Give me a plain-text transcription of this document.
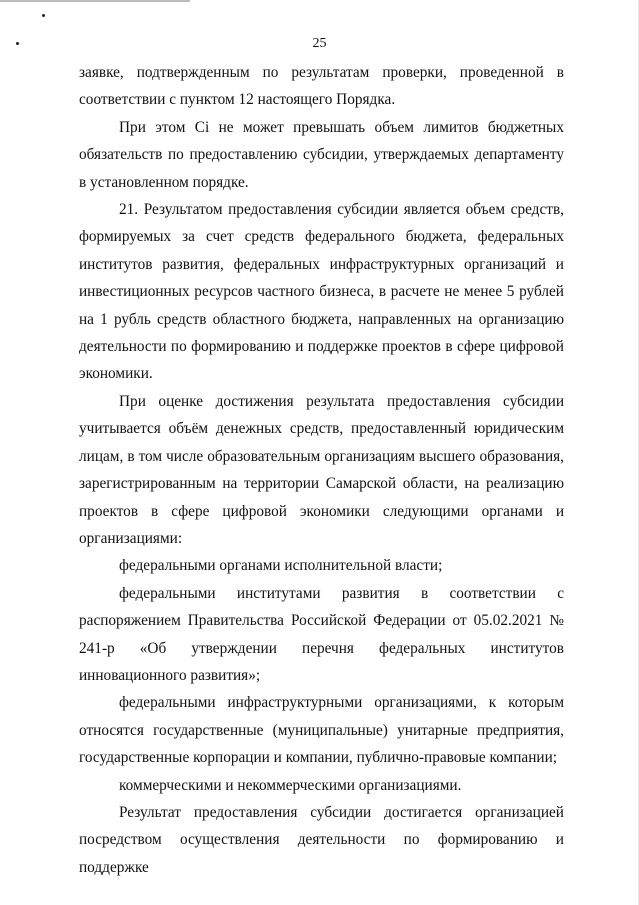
25

заявке, подтвержденным по результатам проверки, проведенной в соответствии с пунктом 12 настоящего Порядка.

При этом Ci не может превышать объем лимитов бюджетных обязательств по предоставлению субсидии, утверждаемых департаменту в установленном порядке.

21. Результатом предоставления субсидии является объем средств, формируемых за счет средств федерального бюджета, федеральных институтов развития, федеральных инфраструктурных организаций и инвестиционных ресурсов частного бизнеса, в расчете не менее 5 рублей на 1 рубль средств областного бюджета, направленных на организацию деятельности по формированию и поддержке проектов в сфере цифровой экономики.

При оценке достижения результата предоставления субсидии учитывается объём денежных средств, предоставленный юридическим лицам, в том числе образовательным организациям высшего образования, зарегистрированным на территории Самарской области, на реализацию проектов в сфере цифровой экономики следующими органами и организациями:

федеральными органами исполнительной власти;

федеральными институтами развития в соответствии с распоряжением Правительства Российской Федерации от 05.02.2021 № 241-р «Об утверждении перечня федеральных институтов инновационного развития»;

федеральными инфраструктурными организациями, к которым относятся государственные (муниципальные) унитарные предприятия, государственные корпорации и компании, публично-правовые компании;

коммерческими и некоммерческими организациями.

Результат предоставления субсидии достигается организацией посредством осуществления деятельности по формированию и поддержке
